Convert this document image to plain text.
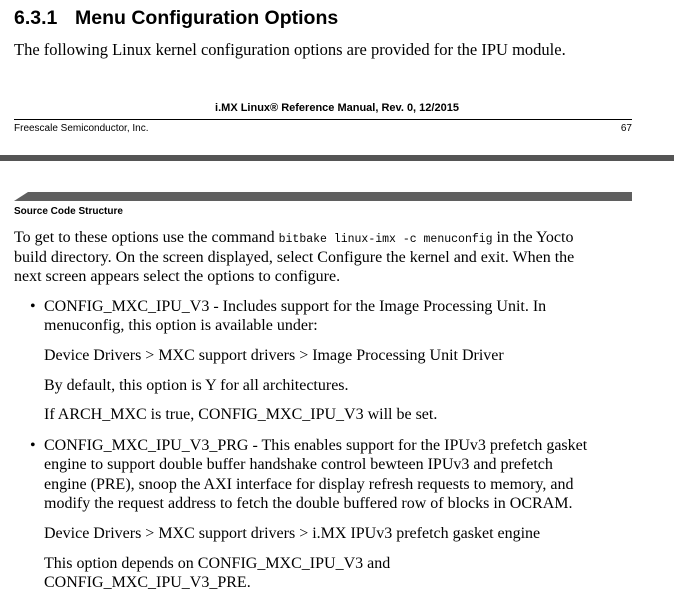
6.3.1 Menu Configuration Options
The following Linux kernel configuration options are provided for the IPU module.
i.MX Linux® Reference Manual, Rev. 0, 12/2015
Freescale Semiconductor, Inc.	67
Source Code Structure
To get to these options use the command bitbake linux-imx -c menuconfig in the Yocto
build directory. On the screen displayed, select Configure the kernel and exit. When the
next screen appears select the options to configure.
• CONFIG_MXC_IPU_V3 - Includes support for the Image Processing Unit. In
menuconfig, this option is available under:
Device Drivers > MXC support drivers > Image Processing Unit Driver
By default, this option is Y for all architectures.
If ARCH_MXC is true, CONFIG_MXC_IPU_V3 will be set.
• CONFIG_MXC_IPU_V3_PRG - This enables support for the IPUv3 prefetch gasket
engine to support double buffer handshake control bewteen IPUv3 and prefetch
engine (PRE), snoop the AXI interface for display refresh requests to memory, and
modify the request address to fetch the double buffered row of blocks in OCRAM.
Device Drivers > MXC support drivers > i.MX IPUv3 prefetch gasket engine
This option depends on CONFIG_MXC_IPU_V3 and
CONFIG_MXC_IPU_V3_PRE.
